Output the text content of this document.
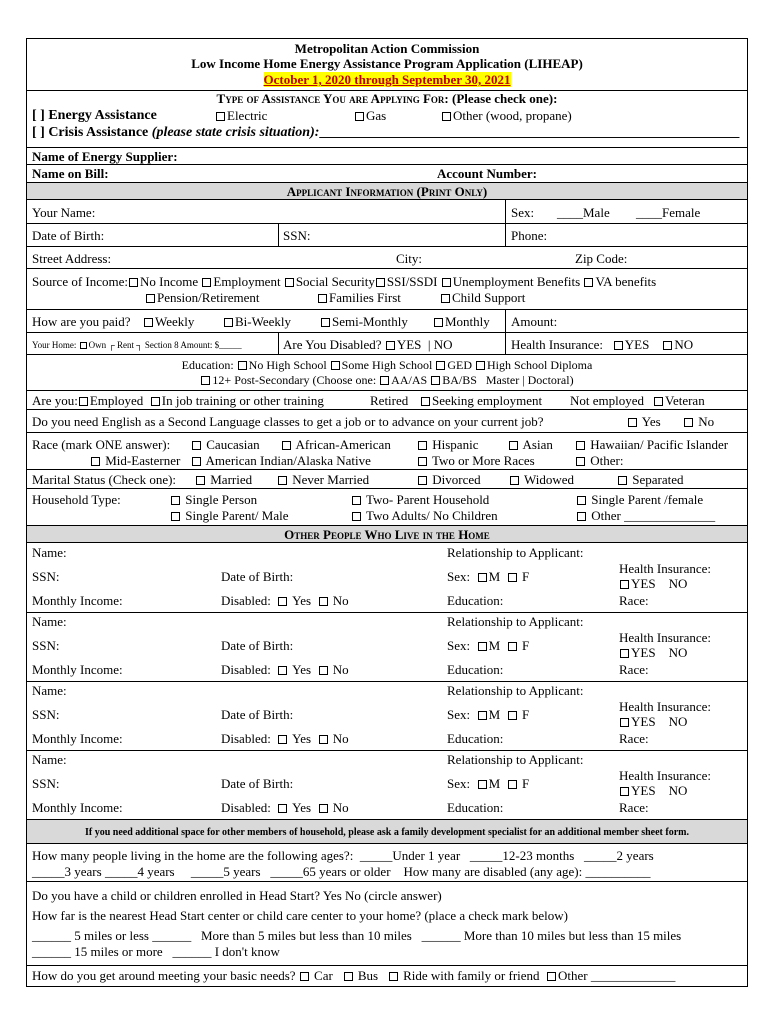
Metropolitan Action Commission
Low Income Home Energy Assistance Program Application (LIHEAP)
October 1, 2020 through September 30, 2021
Type of Assistance You are Applying For: (Please check one):
[ ] Energy Assistance	Electric	Gas	Other (wood, propane)
[ ] Crisis Assistance (please state crisis situation):____________________________________________________________
Name of Energy Supplier:
Name on Bill:	Account Number:
Applicant Information (Print Only)
Your Name:	Sex: ____Male ____Female
Date of Birth:	SSN:	Phone:
Street Address:	City:	Zip Code:
Source of Income: No Income Employment Social Security SSI/SSDI Unemployment Benefits VA benefits
Pension/Retirement	Families First	Child Support
How are you paid?	Weekly	Bi-Weekly	Semi-Monthly	Monthly Amount:
Your Home: Own ┌ Rent ┐ Section 8 Amount: $_____	Are You Disabled? YES  | NO	Health Insurance: YES NO
Education: No High School Some High School GED High School Diploma
12+ Post-Secondary (Choose one: AA/AS BA/BS Master | Doctoral)
Are you: Employed In job training or other training	Retired	Seeking employment Not employed	Veteran
Do you need English as a Second Language classes to get a job or to advance on your current job?	Yes	No
Race (mark ONE answer):	Caucasian	African-American	Hispanic	Asian	Hawaiian/ Pacific Islander
Mid-Easterner	American Indian/Alaska Native	Two or More Races	Other:
Marital Status (Check one):	Married	Never Married	Divorced	Widowed	Separated
Household Type:	Single Person	Two- Parent Household	Single Parent /female
Single Parent/ Male	Two Adults/ No Children	Other ______________
Other People Who Live in the Home
Name:	Relationship to Applicant:
SSN:	Date of Birth:	Sex: M F
Health Insurance:
YES NO
Monthly Income:	Disabled: Yes No	Education:	Race:
Name:	Relationship to Applicant:
SSN:	Date of Birth:	Sex: M F
Health Insurance:
YES NO
Monthly Income:	Disabled: Yes No	Education:	Race:
Name:	Relationship to Applicant:
SSN:	Date of Birth:	Sex: M F
Health Insurance:
YES NO
Monthly Income:	Disabled: Yes No	Education:	Race:
Name:	Relationship to Applicant:
SSN:	Date of Birth:	Sex: M F
Health Insurance:
YES NO
Monthly Income:	Disabled: Yes No	Education:	Race:
If you need additional space for other members of household, please ask a family development specialist for an additional member sheet form.
How many people living in the home are the following ages?: _____Under 1 year _____12-23 months _____2 years
_____3 years _____4 years _____5 years _____65 years or older How many are disabled (any age): __________
Do you have a child or children enrolled in Head Start? Yes No (circle answer)
How far is the nearest Head Start center or child care center to your home? (place a check mark below)
______ 5 miles or less ______ More than 5 miles but less than 10 miles ______ More than 10 miles but less than 15 miles
______ 15 miles or more ______ I don't know
How do you get around meeting your basic needs? Car Bus Ride with family or friend Other _____________
